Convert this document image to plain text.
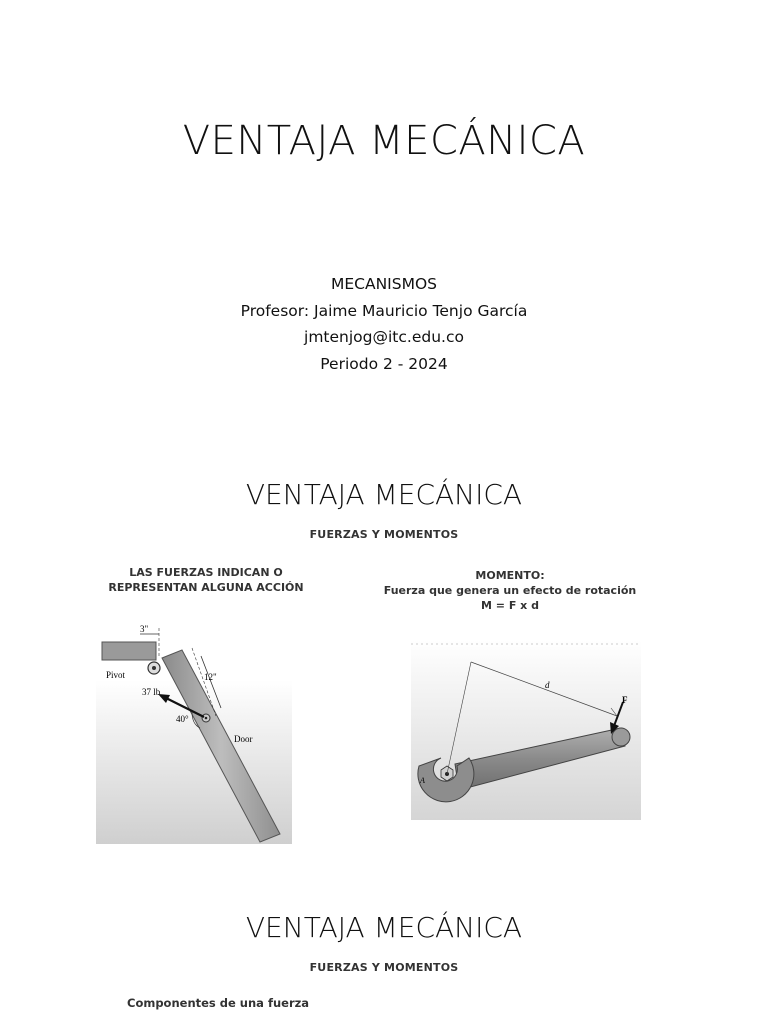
VENTAJA MECÁNICA
MECANISMOS
Profesor: Jaime Mauricio Tenjo García
jmtenjog@itc.edu.co
Periodo 2 - 2024
VENTAJA MECÁNICA
FUERZAS Y MOMENTOS
LAS FUERZAS INDICAN O
REPRESENTAN ALGUNA ACCIÓN
MOMENTO:
Fuerza que genera un efecto de rotación
M = F x d
3"
12"
Pivot
37 lb
40°
Door
d
F
A
VENTAJA MECÁNICA
FUERZAS Y MOMENTOS
Componentes de una fuerza
